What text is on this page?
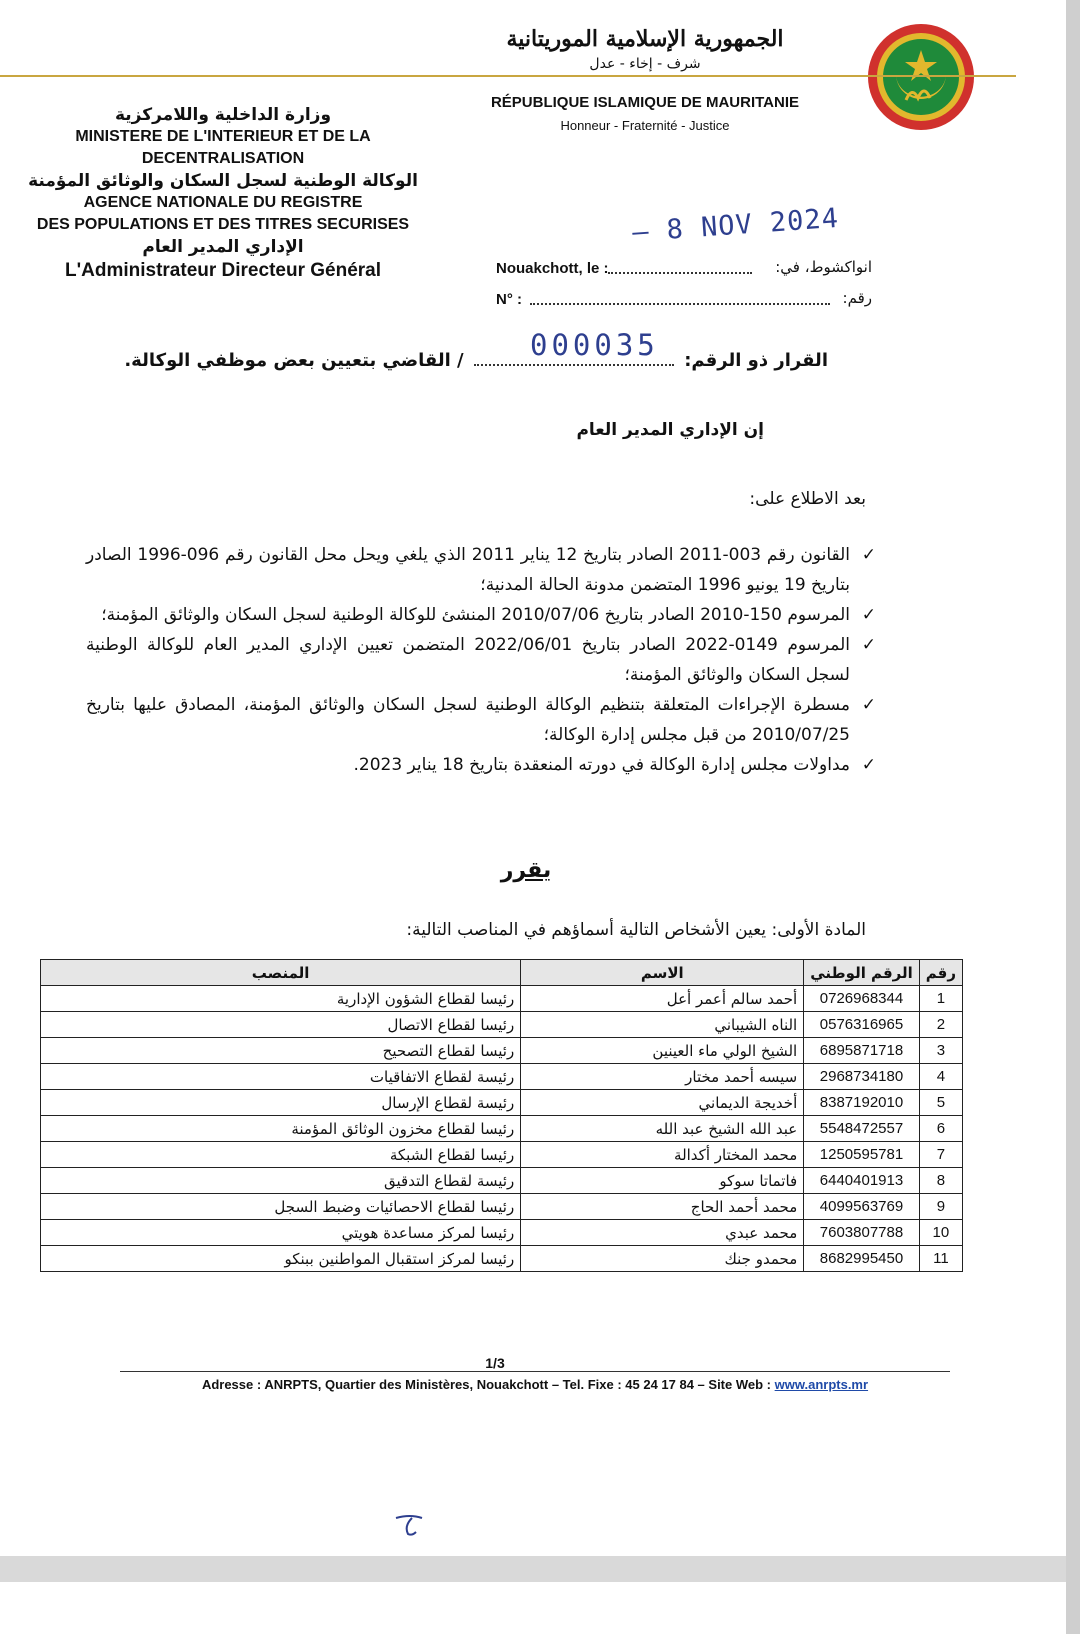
الجمهورية الإسلامية الموريتانية
شرف - إخاء - عدل
RÉPUBLIQUE ISLAMIQUE DE MAURITANIE
Honneur - Fraternité - Justice
وزارة الداخلية واللامركزية
MINISTERE DE L'INTERIEUR ET DE LA
DECENTRALISATION
الوكالة الوطنية لسجل السكان والوثائق المؤمنة
AGENCE NATIONALE DU REGISTRE
DES POPULATIONS ET DES TITRES SECURISES
الإداري المدير العام
L'Administrateur Directeur Général
– 8 NOV 2024
Nouakchott, le :	انواكشوط، في:
N° :	رقم:
القرار ذو الرقم:  / القاضي بتعيين بعض موظفي الوكالة.	000035
إن الإداري المدير العام
بعد الاطلاع على:
✓
القانون رقم 003-2011 الصادر بتاريخ 12 يناير 2011 الذي يلغي ويحل محل القانون رقم 096-1996 الصادر بتاريخ 19 يونيو 1996 المتضمن مدونة الحالة المدنية؛
✓
المرسوم 150-2010 الصادر بتاريخ 2010/07/06 المنشئ للوكالة الوطنية لسجل السكان والوثائق المؤمنة؛
✓
المرسوم 0149-2022 الصادر بتاريخ 2022/06/01 المتضمن تعيين الإداري المدير العام للوكالة الوطنية لسجل السكان والوثائق المؤمنة؛
✓
مسطرة الإجراءات المتعلقة بتنظيم الوكالة الوطنية لسجل السكان والوثائق المؤمنة، المصادق عليها بتاريخ 2010/07/25 من قبل مجلس إدارة الوكالة؛
✓
مداولات مجلس إدارة الوكالة في دورته المنعقدة بتاريخ 18 يناير 2023.
يقرر
المادة الأولى: يعين الأشخاص التالية أسماؤهم في المناصب التالية:
رقم	الرقم الوطني	الاسم	المنصب
1	0726968344	أحمد سالم أعمر أعل	رئيسا لقطاع الشؤون الإدارية
2	0576316965	الناه الشيباني	رئيسا لقطاع الاتصال
3	6895871718	الشيخ الولي ماء العينين	رئيسا لقطاع التصحيح
4	2968734180	سيسه أحمد مختار	رئيسة لقطاع الاتفاقيات
5	8387192010	أخديجة الديماني	رئيسة لقطاع الإرسال
6	5548472557	عبد الله الشيخ عبد الله	رئيسا لقطاع مخزون الوثائق المؤمنة
7	1250595781	محمد المختار أكدالة	رئيسا لقطاع الشبكة
8	6440401913	فاتماتا سوكو	رئيسة لقطاع التدقيق
9	4099563769	محمد أحمد الحاج	رئيسا لقطاع الاحصائيات وضبط السجل
10	7603807788	محمد عبدي	رئيسا لمركز مساعدة هويتي
11	8682995450	محمدو جنك	رئيسا لمركز استقبال المواطنين ببنكو
1/3
Adresse : ANRPTS, Quartier des Ministères, Nouakchott – Tel. Fixe : 45 24 17 84 – Site Web : www.anrpts.mr
